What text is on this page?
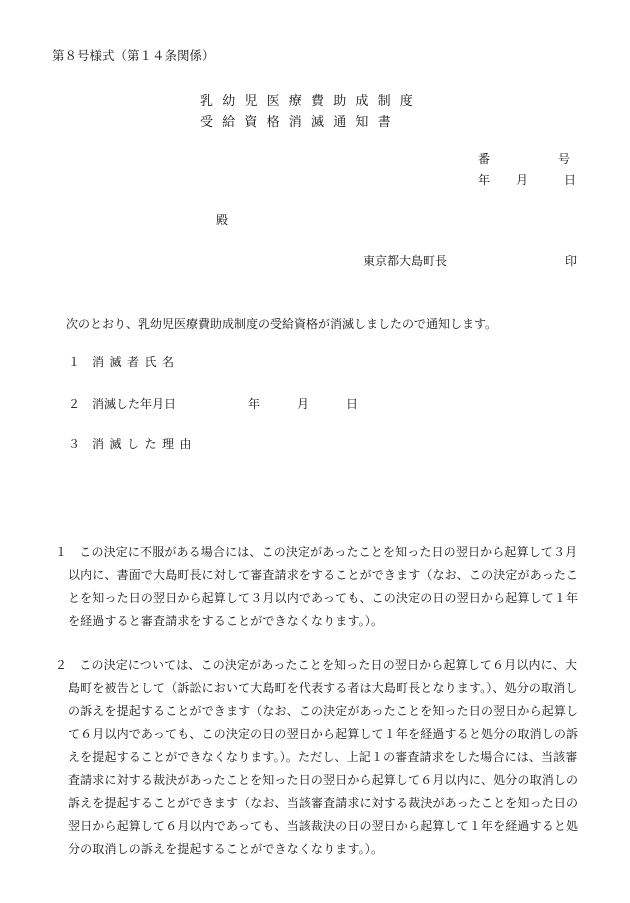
第８号様式（第１４条関係）
乳幼児医療費助成制度
受給資格消滅通知書
番	号
年 月	日
殿
東京都大島町長	印
次のとおり、乳幼児医療費助成制度の受給資格が消滅しましたので通知します。
１ 消滅者氏名
２ 消滅した年月日	年	月	日
３ 消滅した理由

１　この決定に不服がある場合には、この決定があったことを知った日の翌日から起算して３月以内に、書面で大島町長に対して審査請求をすることができます（なお、この決定があったことを知った日の翌日から起算して３月以内であっても、この決定の日の翌日から起算して１年を経過すると審査請求をすることができなくなります。）。

２　この決定については、この決定があったことを知った日の翌日から起算して６月以内に、大島町を被告として（訴訟において大島町を代表する者は大島町長となります。）、処分の取消しの訴えを提起することができます（なお、この決定があったことを知った日の翌日から起算して６月以内であっても、この決定の日の翌日から起算して１年を経過すると処分の取消しの訴えを提起することができなくなります。）。ただし、上記１の審査請求をした場合には、当該審査請求に対する裁決があったことを知った日の翌日から起算して６月以内に、処分の取消しの訴えを提起することができます（なお、当該審査請求に対する裁決があったことを知った日の翌日から起算して６月以内であっても、当該裁決の日の翌日から起算して１年を経過すると処分の取消しの訴えを提起することができなくなります。）。
